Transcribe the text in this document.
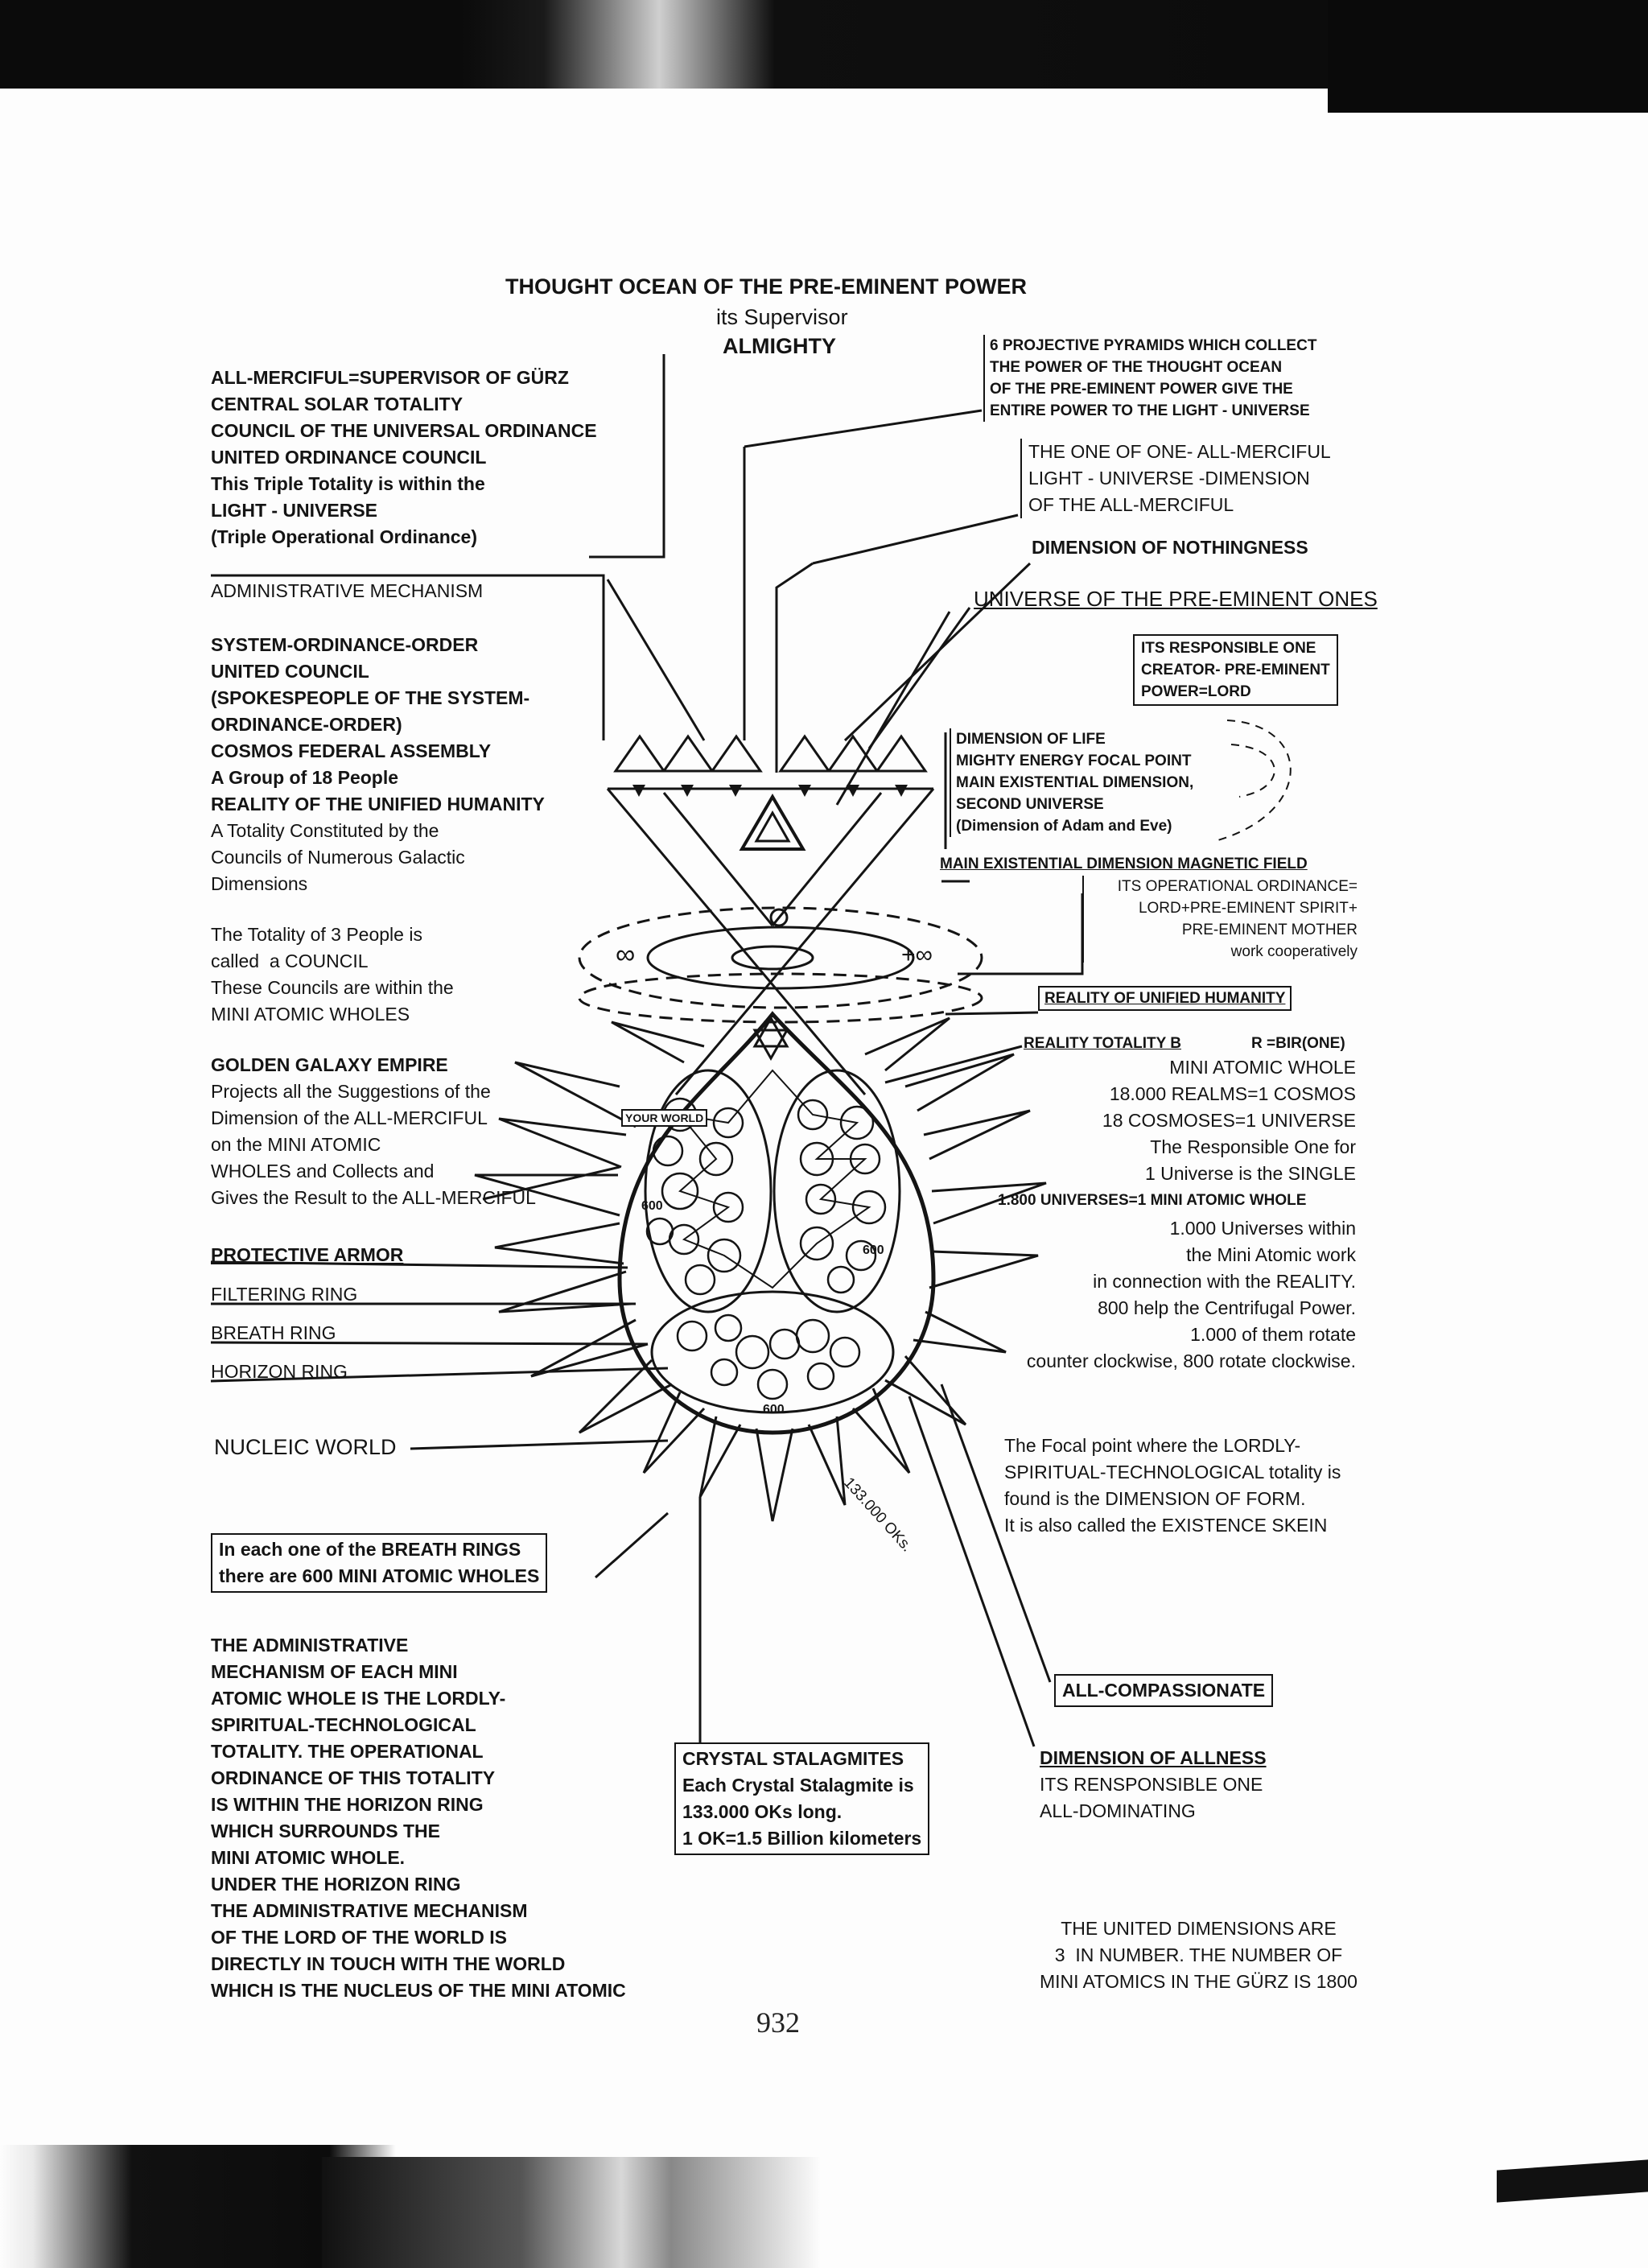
THOUGHT OCEAN OF THE PRE-EMINENT POWER
its Supervisor
ALMIGHTY
ALL-MERCIFUL=SUPERVISOR OF GÜRZ
CENTRAL SOLAR TOTALITY
COUNCIL OF THE UNIVERSAL ORDINANCE
UNITED ORDINANCE COUNCIL
This Triple Totality is within the
LIGHT - UNIVERSE
(Triple Operational Ordinance)
6 PROJECTIVE PYRAMIDS WHICH COLLECT
THE POWER OF THE THOUGHT OCEAN
OF THE PRE-EMINENT POWER GIVE THE
ENTIRE POWER TO THE LIGHT - UNIVERSE
THE ONE OF ONE- ALL-MERCIFUL
LIGHT - UNIVERSE -DIMENSION
OF THE ALL-MERCIFUL
DIMENSION OF NOTHINGNESS
UNIVERSE OF THE PRE-EMINENT ONES
ITS RESPONSIBLE ONE
CREATOR- PRE-EMINENT
POWER=LORD
DIMENSION OF LIFE
MIGHTY ENERGY FOCAL POINT
MAIN EXISTENTIAL DIMENSION,
SECOND UNIVERSE
(Dimension of Adam and Eve)
MAIN EXISTENTIAL DIMENSION MAGNETIC FIELD
ITS OPERATIONAL ORDINANCE=
LORD+PRE-EMINENT SPIRIT+
PRE-EMINENT MOTHER
work cooperatively
REALITY OF UNIFIED HUMANITY
REALITY TOTALITY B	R =BIR(ONE)
MINI ATOMIC WHOLE
18.000 REALMS=1 COSMOS
18 COSMOSES=1 UNIVERSE
The Responsible One for
1 Universe is the SINGLE
1.800 UNIVERSES=1 MINI ATOMIC WHOLE
1.000 Universes within
the Mini Atomic work
in connection with the REALITY.
800 help the Centrifugal Power.
1.000 of them rotate
counter clockwise, 800 rotate clockwise.
ADMINISTRATIVE MECHANISM
SYSTEM-ORDINANCE-ORDER
UNITED COUNCIL
(SPOKESPEOPLE OF THE SYSTEM-
ORDINANCE-ORDER)
COSMOS FEDERAL ASSEMBLY
A Group of 18 People
REALITY OF THE UNIFIED HUMANITY
A Totality Constituted by the
Councils of Numerous Galactic
Dimensions
The Totality of 3 People is
called  a COUNCIL
These Councils are within the
MINI ATOMIC WHOLES
GOLDEN GALAXY EMPIRE
Projects all the Suggestions of the
Dimension of the ALL-MERCIFUL
on the MINI ATOMIC
WHOLES and Collects and
Gives the Result to the ALL-MERCIFUL
PROTECTIVE ARMOR
FILTERING RING
BREATH RING
HORIZON RING
NUCLEIC WORLD
In each one of the BREATH RINGS
there are 600 MINI ATOMIC WHOLES
THE ADMINISTRATIVE
MECHANISM OF EACH MINI
ATOMIC WHOLE IS THE LORDLY-
SPIRITUAL-TECHNOLOGICAL
TOTALITY. THE OPERATIONAL
ORDINANCE OF THIS TOTALITY
IS WITHIN THE HORIZON RING
WHICH SURROUNDS THE
MINI ATOMIC WHOLE.
UNDER THE HORIZON RING
THE ADMINISTRATIVE MECHANISM
OF THE LORD OF THE WORLD IS
DIRECTLY IN TOUCH WITH THE WORLD
WHICH IS THE NUCLEUS OF THE MINI ATOMIC
The Focal point where the LORDLY-
SPIRITUAL-TECHNOLOGICAL totality is
found is the DIMENSION OF FORM.
It is also called the EXISTENCE SKEIN
ALL-COMPASSIONATE
DIMENSION OF ALLNESS
ITS RENSPONSIBLE ONE
ALL-DOMINATING
CRYSTAL STALAGMITES
Each Crystal Stalagmite is
133.000 OKs long.
1 OK=1.5 Billion kilometers
THE UNITED DIMENSIONS ARE
3  IN NUMBER. THE NUMBER OF
MINI ATOMICS IN THE GÜRZ IS 1800
YOUR WORLD
600
600
600
133.000 OKs.
∞	+∞
932
